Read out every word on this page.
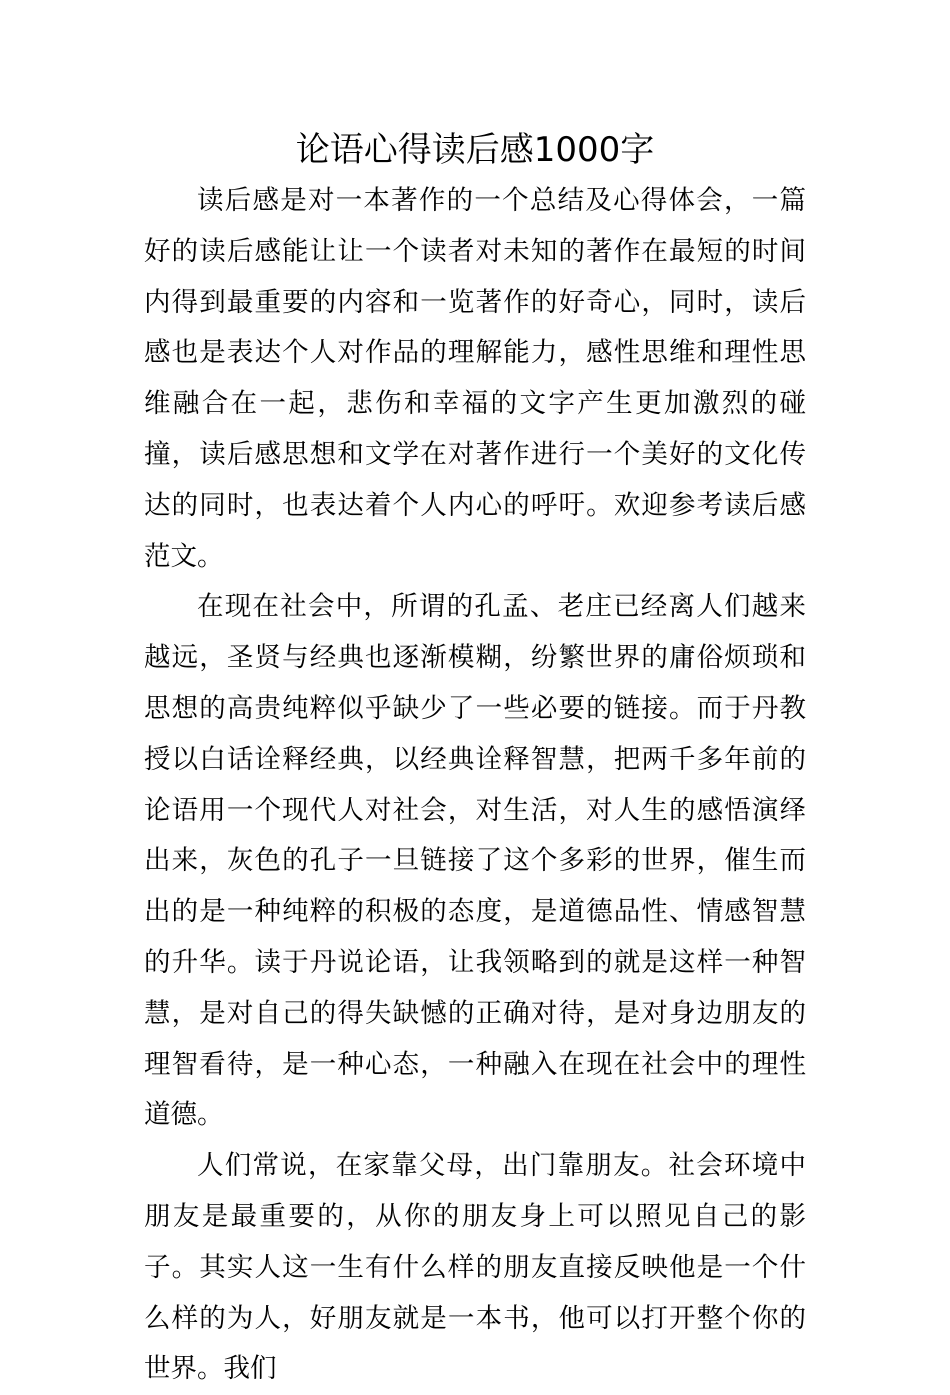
论语心得读后感1000字

读后感是对一本著作的一个总结及心得体会，一篇好的读后感能让让一个读者对未知的著作在最短的时间内得到最重要的内容和一览著作的好奇心，同时，读后感也是表达个人对作品的理解能力，感性思维和理性思维融合在一起，悲伤和幸福的文字产生更加激烈的碰撞，读后感思想和文学在对著作进行一个美好的文化传达的同时，也表达着个人内心的呼吁。欢迎参考读后感范文。

在现在社会中，所谓的孔孟、老庄已经离人们越来越远，圣贤与经典也逐渐模糊，纷繁世界的庸俗烦琐和思想的高贵纯粹似乎缺少了一些必要的链接。而于丹教授以白话诠释经典，以经典诠释智慧，把两千多年前的论语用一个现代人对社会，对生活，对人生的感悟演绎出来，灰色的孔子一旦链接了这个多彩的世界，催生而出的是一种纯粹的积极的态度，是道德品性、情感智慧的升华。读于丹说论语，让我领略到的就是这样一种智慧，是对自己的得失缺憾的正确对待，是对身边朋友的理智看待，是一种心态，一种融入在现在社会中的理性道德。

人们常说，在家靠父母，出门靠朋友。社会环境中朋友是最重要的，从你的朋友身上可以照见自己的影子。其实人这一生有什么样的朋友直接反映他是一个什么样的为人，好朋友就是一本书，他可以打开整个你的世界。我们
